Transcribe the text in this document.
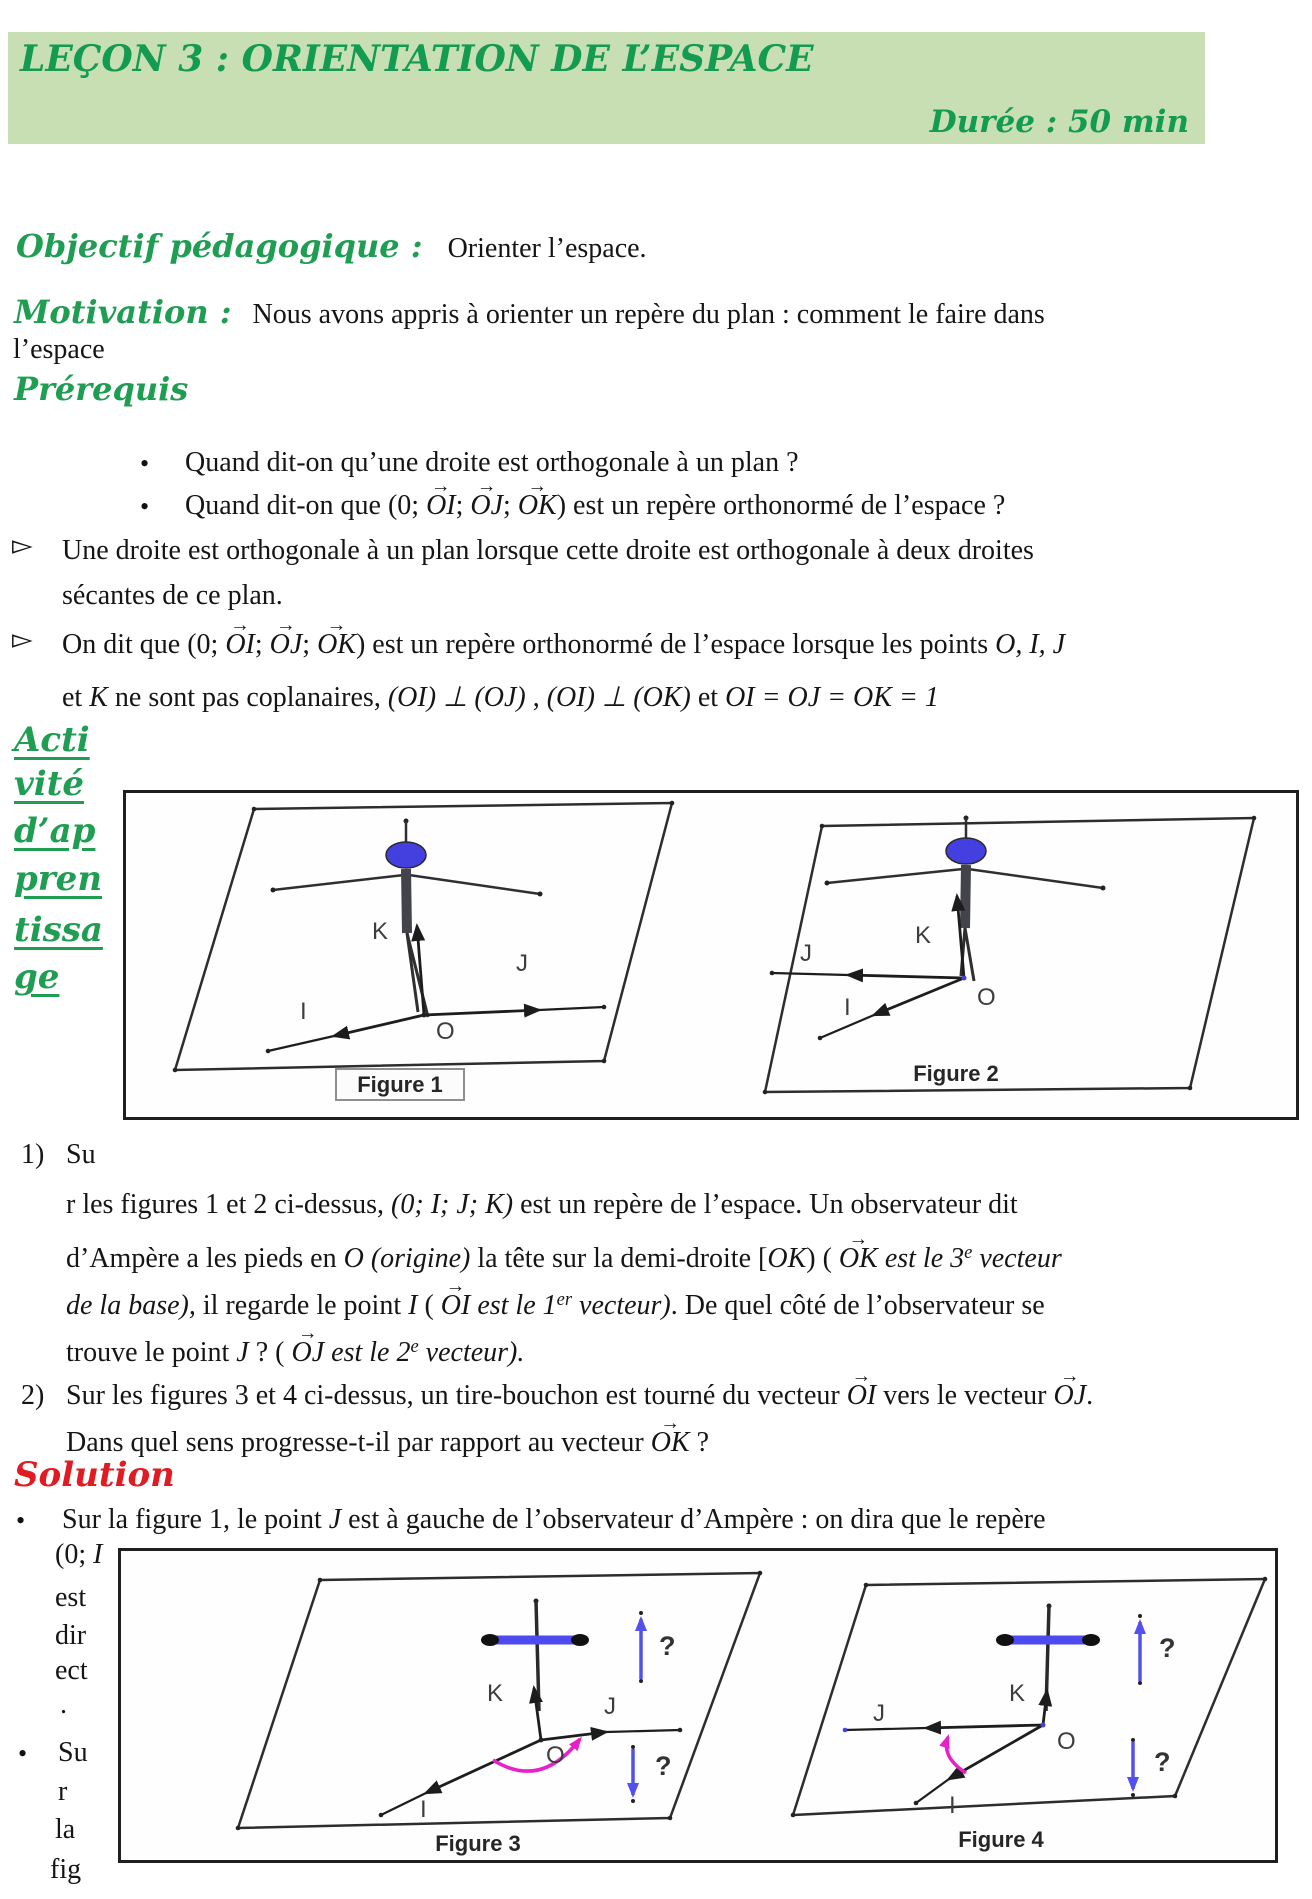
LEÇON 3 : ORIENTATION DE L’ESPACE
Durée : 50 min
Objectif pédagogique : Orienter l’espace.
Motivation : Nous avons appris à orienter un repère du plan : comment le faire dans
l’espace
Prérequis
• Quand dit-on qu’une droite est orthogonale à un plan ?
• Quand dit-on que (0; OI →; OJ →; OK →) est un repère orthonormé de l’espace ?
▻ Une droite est orthogonale à un plan lorsque cette droite est orthogonale à deux droites
sécantes de ce plan.
▻ On dit que (0; OI →; OJ →; OK →) est un repère orthonormé de l’espace lorsque les points O, I, J
et K ne sont pas coplanaires, (OI) ⊥ (OJ) , (OI) ⊥ (OK) et OI = OJ = OK = 1
Acti
vité
d’ap
pren
tissa
ge
K
J
I
O
Figure 1
K
J
I	O
Figure 2
1) Su
r les figures 1 et 2 ci-dessus, (0; I; J; K) est un repère de l’espace. Un observateur dit
d’Ampère a les pieds en O (origine) la tête sur la demi-droite [OK) ( OK → est le 3e vecteur
de la base), il regarde le point I ( OI → est le 1er vecteur). De quel côté de l’observateur se
trouve le point J ? ( OJ → est le 2e vecteur).
2) Sur les figures 3 et 4 ci-dessus, un tire-bouchon est tourné du vecteur OI → vers le vecteur OJ →.
Dans quel sens progresse-t-il par rapport au vecteur OK → ?
Solution
• Sur la figure 1, le point J est à gauche de l’observateur d’Ampère : on dira que le repère
(0; I
est
dir
ect
.
• Su
r
la
fig
K	J
I
O
?
?
Figure 3
K
J
I
O
?
?
Figure 4
